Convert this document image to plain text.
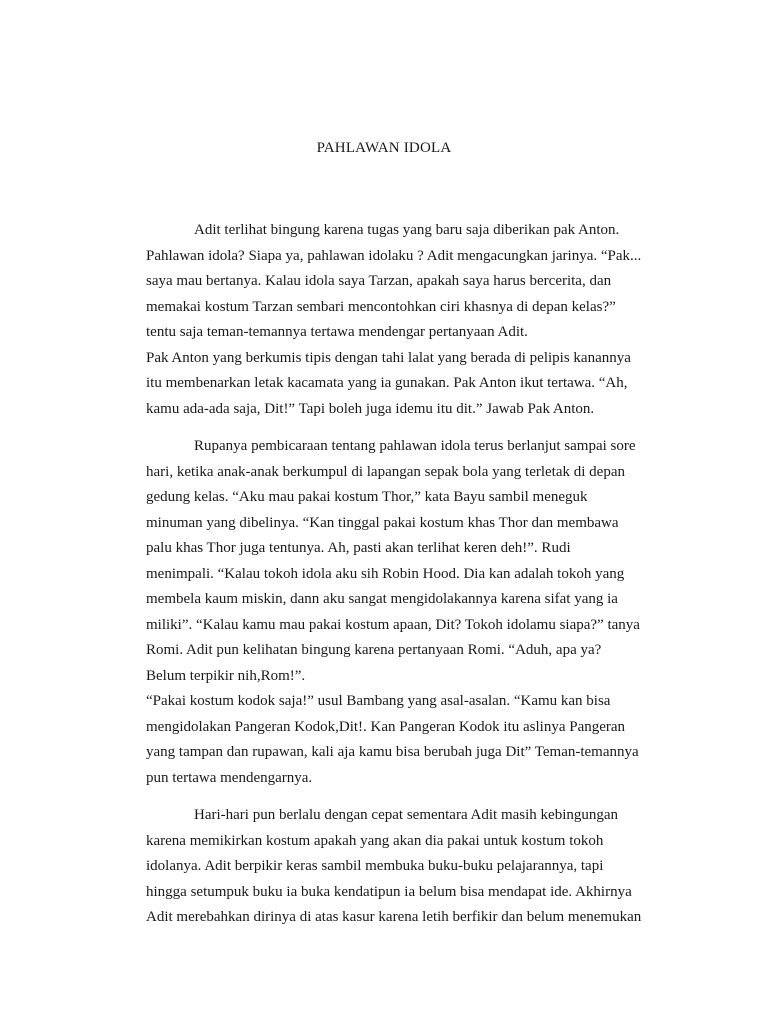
PAHLAWAN IDOLA
Adit terlihat bingung karena tugas yang baru saja diberikan pak Anton.
Pahlawan idola? Siapa ya, pahlawan idolaku ? Adit mengacungkan jarinya. “Pak...
saya mau bertanya. Kalau idola saya Tarzan, apakah saya harus bercerita, dan
memakai kostum Tarzan sembari mencontohkan ciri khasnya di depan kelas?”
tentu saja teman-temannya tertawa mendengar pertanyaan Adit.
Pak Anton yang berkumis tipis dengan tahi lalat yang berada di pelipis kanannya
itu membenarkan letak kacamata yang ia gunakan. Pak Anton ikut tertawa. “Ah,
kamu ada-ada saja, Dit!” Tapi boleh juga idemu itu dit.” Jawab Pak Anton.
Rupanya pembicaraan tentang pahlawan idola terus berlanjut sampai sore
hari, ketika anak-anak berkumpul di lapangan sepak bola yang terletak di depan
gedung kelas. “Aku mau pakai kostum Thor,” kata Bayu sambil meneguk
minuman yang dibelinya. “Kan tinggal pakai kostum khas Thor dan membawa
palu khas Thor juga tentunya. Ah, pasti akan terlihat keren deh!”. Rudi
menimpali. “Kalau tokoh idola aku sih Robin Hood. Dia kan adalah tokoh yang
membela kaum miskin, dann aku sangat mengidolakannya karena sifat yang ia
miliki”. “Kalau kamu mau pakai kostum apaan, Dit? Tokoh idolamu siapa?” tanya
Romi. Adit pun kelihatan bingung karena pertanyaan Romi. “Aduh, apa ya?
Belum terpikir nih,Rom!”.
“Pakai kostum kodok saja!” usul Bambang yang asal-asalan. “Kamu kan bisa
mengidolakan Pangeran Kodok,Dit!. Kan Pangeran Kodok itu aslinya Pangeran
yang tampan dan rupawan, kali aja kamu bisa berubah juga Dit” Teman-temannya
pun tertawa mendengarnya.
Hari-hari pun berlalu dengan cepat sementara Adit masih kebingungan
karena memikirkan kostum apakah yang akan dia pakai untuk kostum tokoh
idolanya. Adit berpikir keras sambil membuka buku-buku pelajarannya, tapi
hingga setumpuk buku ia buka kendatipun ia belum bisa mendapat ide. Akhirnya
Adit merebahkan dirinya di atas kasur karena letih berfikir dan belum menemukan
